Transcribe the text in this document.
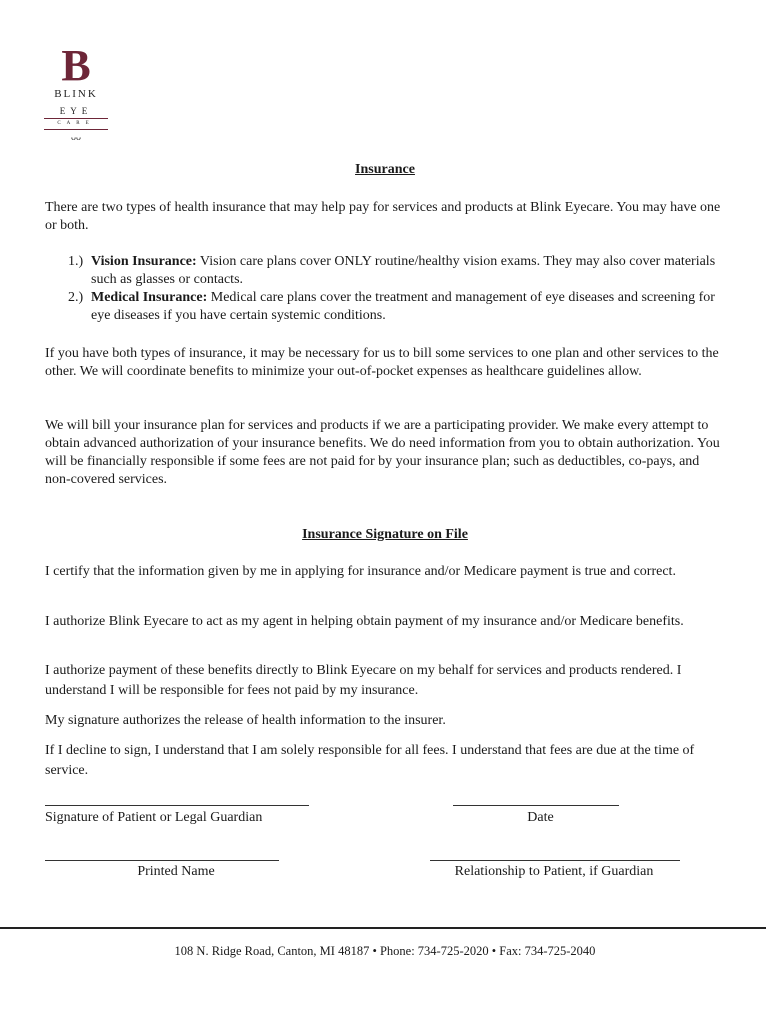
B
BLINK
EYE
CARE
ᴗᴗ
Insurance

There are two types of health insurance that may help pay for services and products at Blink Eyecare. You may have one or both.

1.) Vision Insurance: Vision care plans cover ONLY routine/healthy vision exams. They may also cover materials such as glasses or contacts.
2.) Medical Insurance: Medical care plans cover the treatment and management of eye diseases and screening for eye diseases if you have certain systemic conditions.

If you have both types of insurance, it may be necessary for us to bill some services to one plan and other services to the other. We will coordinate benefits to minimize your out-of-pocket expenses as healthcare guidelines allow.

We will bill your insurance plan for services and products if we are a participating provider. We make every attempt to obtain advanced authorization of your insurance benefits. We do need information from you to obtain authorization. You will be financially responsible if some fees are not paid for by your insurance plan; such as deductibles, co-pays, and non-covered services.

Insurance Signature on File

I certify that the information given by me in applying for insurance and/or Medicare payment is true and correct.

I authorize Blink Eyecare to act as my agent in helping obtain payment of my insurance and/or Medicare benefits.

I authorize payment of these benefits directly to Blink Eyecare on my behalf for services and products rendered. I understand I will be responsible for fees not paid by my insurance.

My signature authorizes the release of health information to the insurer.

If I decline to sign, I understand that I am solely responsible for all fees. I understand that fees are due at the time of service.

Signature of Patient or Legal Guardian	Date
Printed Name	Relationship to Patient, if Guardian
108 N. Ridge Road, Canton, MI 48187 • Phone: 734-725-2020 • Fax: 734-725-2040
